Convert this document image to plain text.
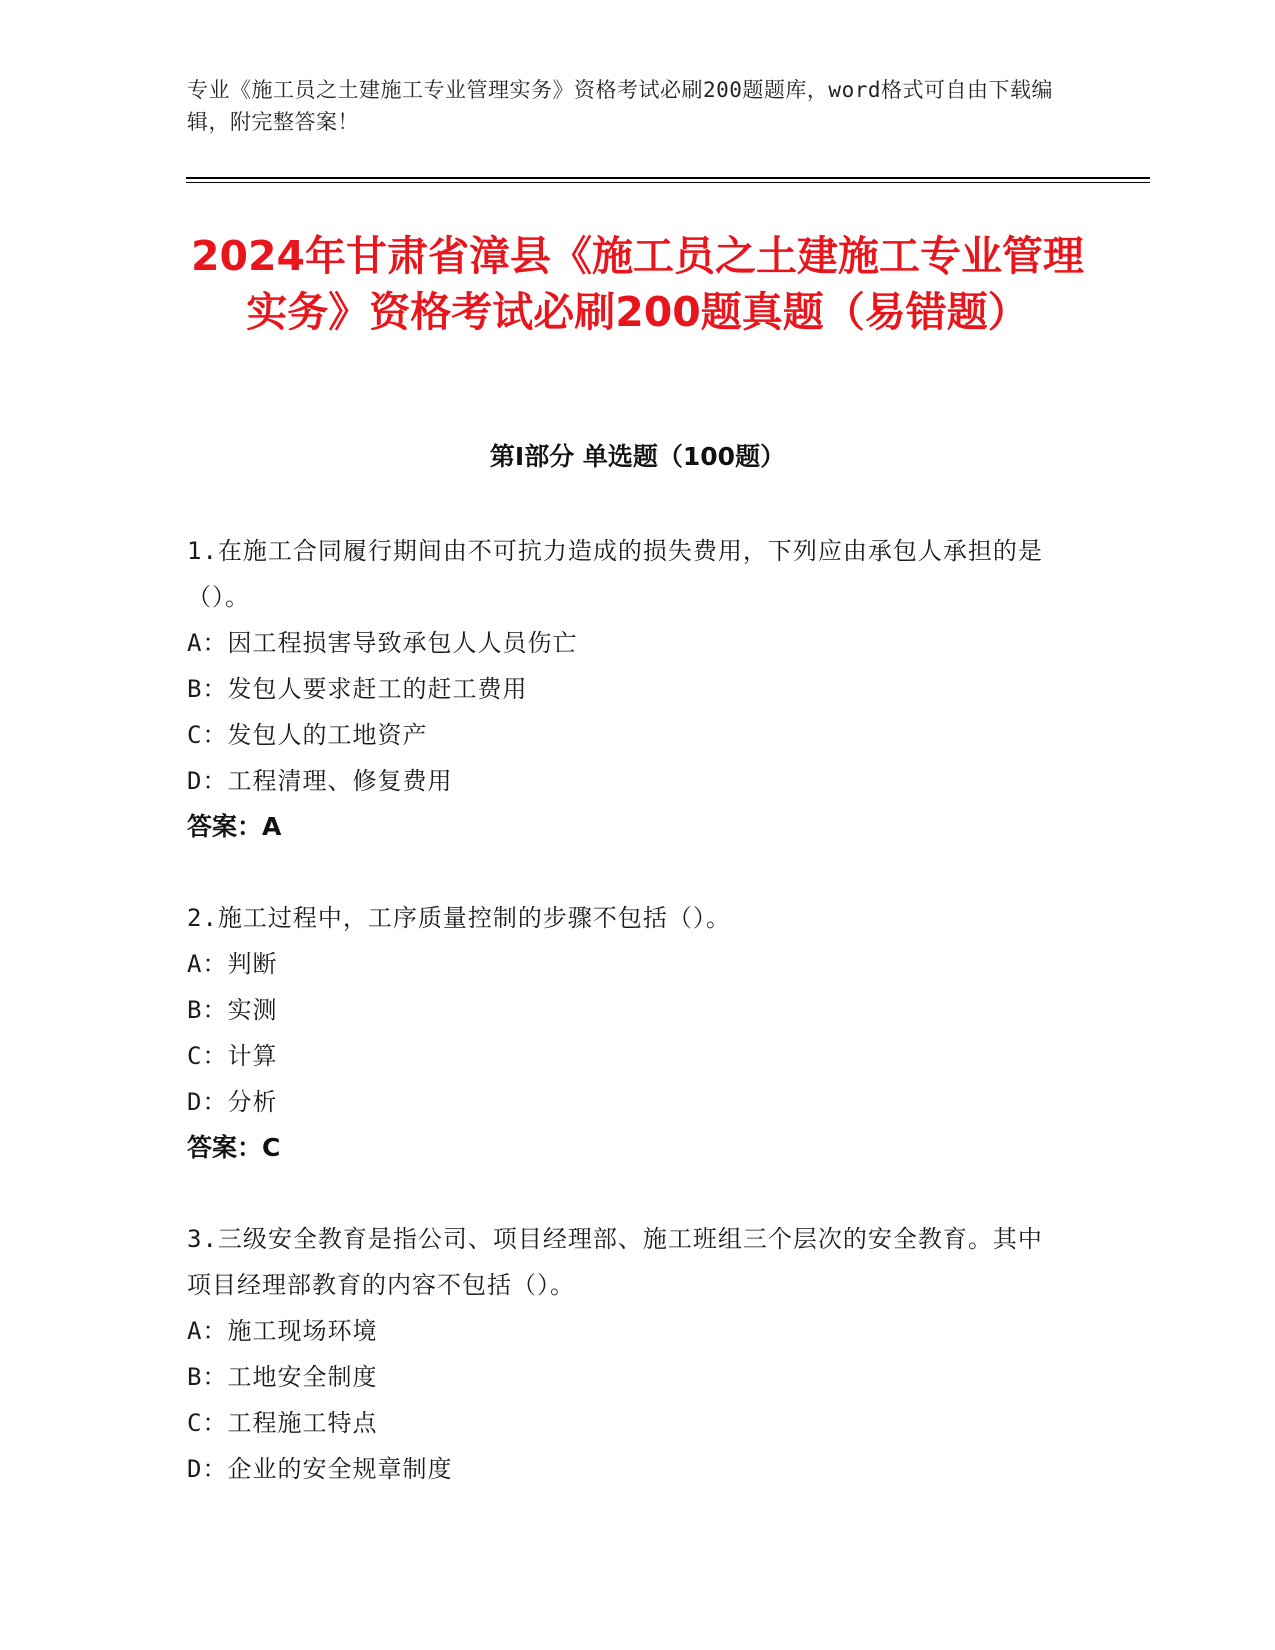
专业《施工员之土建施工专业管理实务》资格考试必刷200题题库，word格式可自由下载编辑，附完整答案！
2024年甘肃省漳县《施工员之土建施工专业管理实务》资格考试必刷200题真题（易错题）
第Ⅰ部分 单选题（100题）
1.在施工合同履行期间由不可抗力造成的损失费用，下列应由承包人承担的是（）。
A：因工程损害导致承包人人员伤亡
B：发包人要求赶工的赶工费用
C：发包人的工地资产
D：工程清理、修复费用
答案：A
2.施工过程中，工序质量控制的步骤不包括（）。
A：判断
B：实测
C：计算
D：分析
答案：C
3.三级安全教育是指公司、项目经理部、施工班组三个层次的安全教育。其中项目经理部教育的内容不包括（）。
A：施工现场环境
B：工地安全制度
C：工程施工特点
D：企业的安全规章制度
